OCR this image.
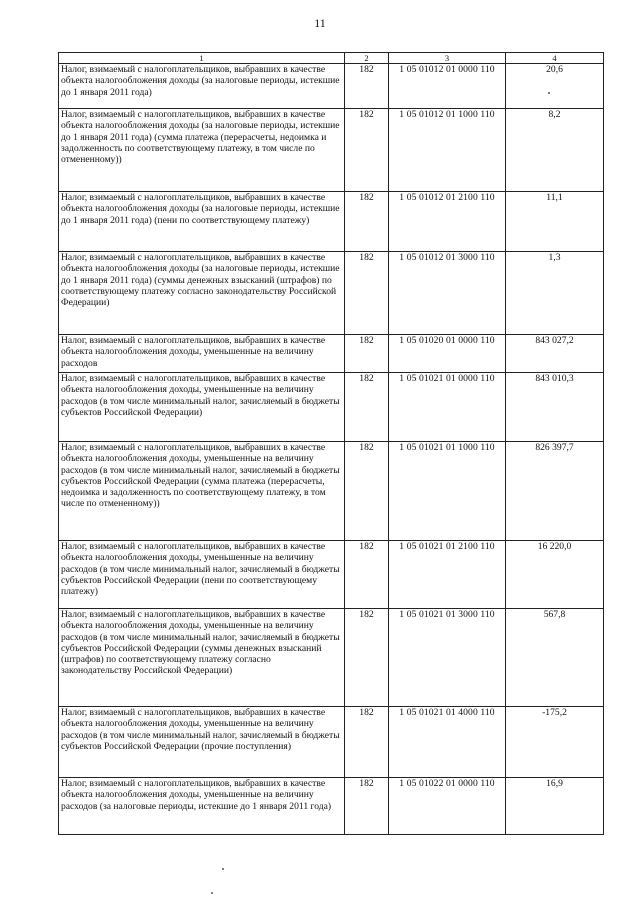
11
1	2	3	4
Налог, взимаемый с налогоплательщиков, выбравших в качестве объекта налогообложения доходы (за налоговые периоды, истекшие до 1 января 2011 года)	182	1 05 01012 01 0000 110	20,6
Налог, взимаемый с налогоплательщиков, выбравших в качестве объекта налогообложения доходы (за налоговые периоды, истекшие до 1 января 2011 года) (сумма платежа (перерасчеты, недоимка и задолженность по соответствующему платежу, в том числе по отмененному))	182	1 05 01012 01 1000 110	8,2
Налог, взимаемый с налогоплательщиков, выбравших в качестве объекта налогообложения доходы (за налоговые периоды, истекшие до 1 января 2011 года) (пени по соответствующему платежу)	182	1 05 01012 01 2100 110	11,1
Налог, взимаемый с налогоплательщиков, выбравших в качестве объекта налогообложения доходы (за налоговые периоды, истекшие до 1 января 2011 года) (суммы денежных взысканий (штрафов) по соответствующему платежу согласно законодательству Российской Федерации)	182	1 05 01012 01 3000 110	1,3
Налог, взимаемый с налогоплательщиков, выбравших в качестве объекта налогообложения доходы, уменьшенные на величину расходов	182	1 05 01020 01 0000 110	843 027,2
Налог, взимаемый с налогоплательщиков, выбравших в качестве объекта налогообложения доходы, уменьшенные на величину расходов (в том числе минимальный налог, зачисляемый в бюджеты субъектов Российской Федерации)	182	1 05 01021 01 0000 110	843 010,3
Налог, взимаемый с налогоплательщиков, выбравших в качестве объекта налогообложения доходы, уменьшенные на величину расходов (в том числе минимальный налог, зачисляемый в бюджеты субъектов Российской Федерации (сумма платежа (перерасчеты, недоимка и задолженность по соответствующему платежу, в том числе по отмененному))	182	1 05 01021 01 1000 110	826 397,7
Налог, взимаемый с налогоплательщиков, выбравших в качестве объекта налогообложения доходы, уменьшенные на величину расходов (в том числе минимальный налог, зачисляемый в бюджеты субъектов Российской Федерации (пени по соответствующему платежу)	182	1 05 01021 01 2100 110	16 220,0
Налог, взимаемый с налогоплательщиков, выбравших в качестве объекта налогообложения доходы, уменьшенные на величину расходов (в том числе минимальный налог, зачисляемый в бюджеты субъектов Российской Федерации (суммы денежных взысканий (штрафов) по соответствующему платежу согласно законодательству Российской Федерации)	182	1 05 01021 01 3000 110	567,8
Налог, взимаемый с налогоплательщиков, выбравших в качестве объекта налогообложения доходы, уменьшенные на величину расходов (в том числе минимальный налог, зачисляемый в бюджеты субъектов Российской Федерации (прочие поступления)	182	1 05 01021 01 4000 110	-175,2
Налог, взимаемый с налогоплательщиков, выбравших в качестве объекта налогообложения доходы, уменьшенные на величину расходов (за налоговые периоды, истекшие до 1 января 2011 года)	182	1 05 01022 01 0000 110	16,9
